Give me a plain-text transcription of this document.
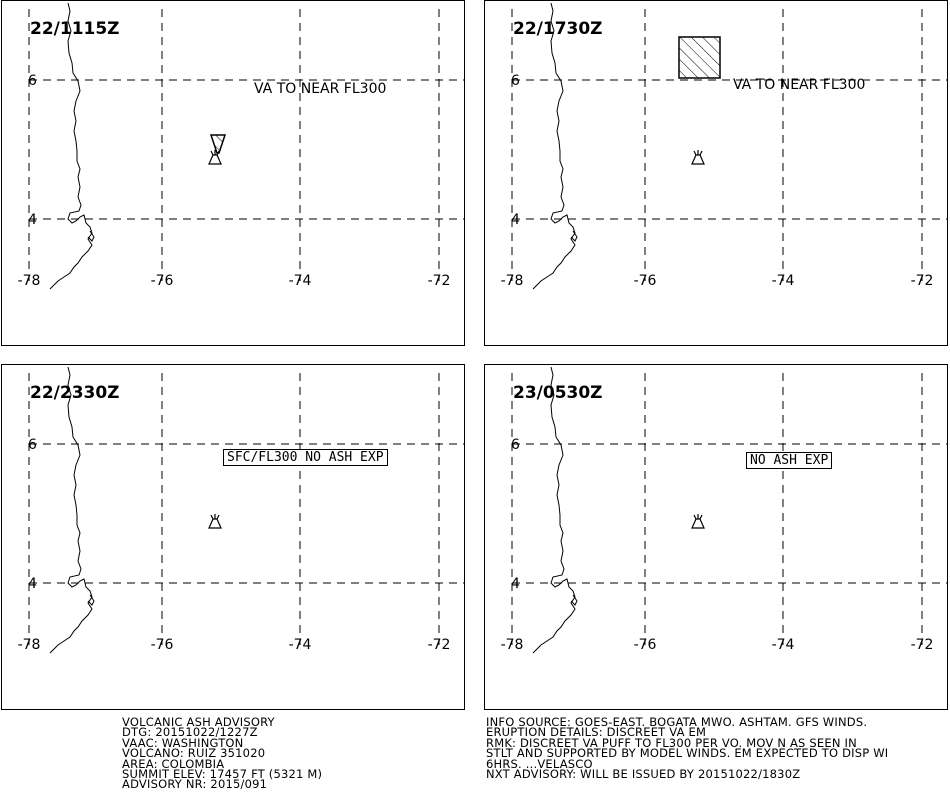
-78	-76	-74	-72
6
4
VA TO NEAR FL300
22/1115Z
-78	-76	-74	-72
6
4
VA TO NEAR FL300
22/1730Z
-78	-76	-74	-72
6
4
22/2330Z
SFC/FL300 NO ASH EXP
-78	-76	-74	-72
6
4
23/0530Z
NO ASH EXP
VOLCANIC ASH ADVISORY
DTG: 20151022/1227Z
VAAC: WASHINGTON
VOLCANO: RUIZ 351020
AREA: COLOMBIA
SUMMIT ELEV: 17457 FT (5321 M)
ADVISORY NR: 2015/091
INFO SOURCE: GOES-EAST. BOGATA MWO. ASHTAM. GFS WINDS.
ERUPTION DETAILS: DISCREET VA EM
RMK: DISCREET VA PUFF TO FL300 PER VO. MOV N AS SEEN IN
STLT AND SUPPORTED BY MODEL WINDS. EM EXPECTED TO DISP WI
6HRS. ...VELASCO
NXT ADVISORY: WILL BE ISSUED BY 20151022/1830Z
